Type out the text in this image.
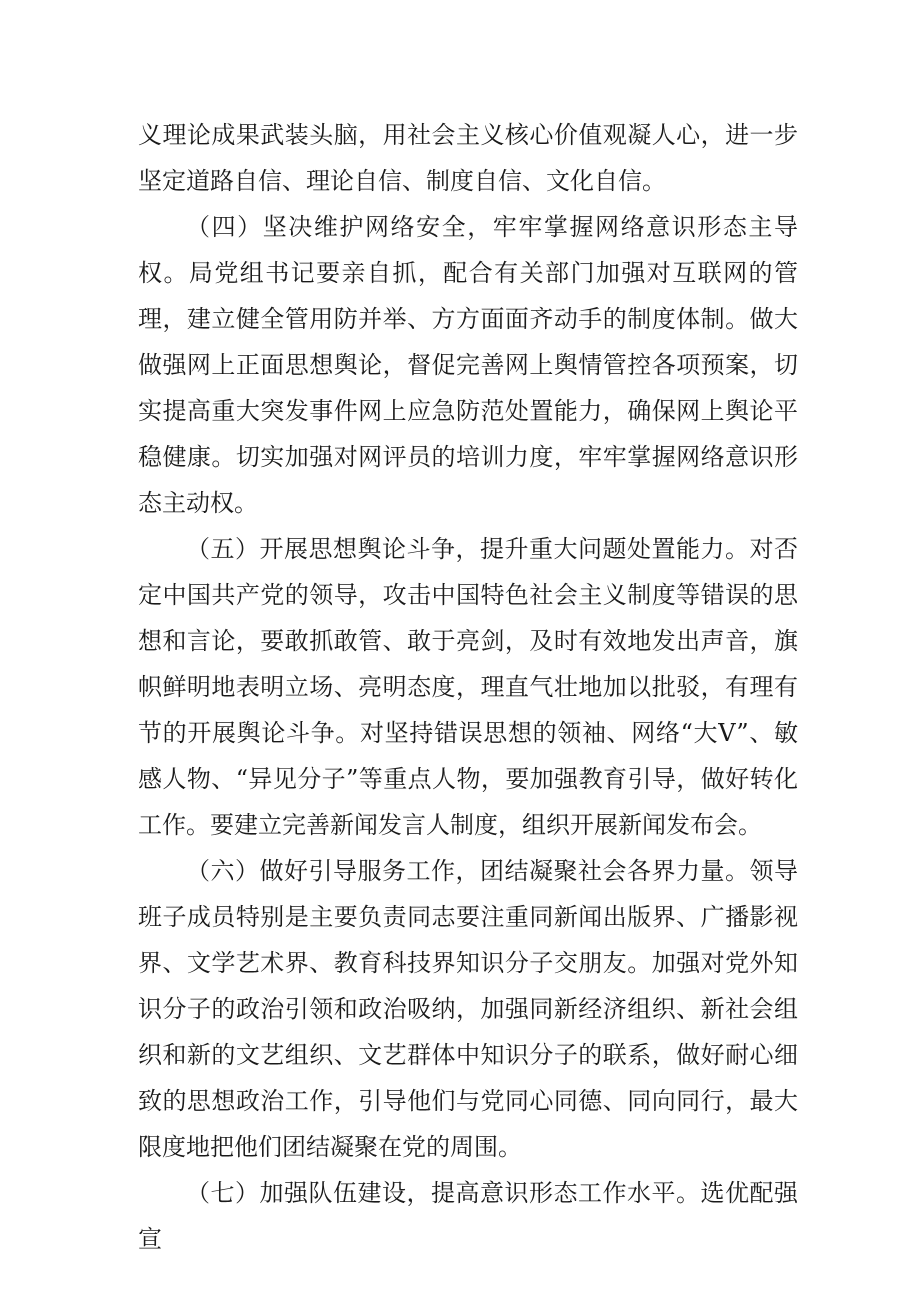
义理论成果武装头脑，用社会主义核心价值观凝人心，进一步坚定道路自信、理论自信、制度自信、文化自信。

（四）坚决维护网络安全，牢牢掌握网络意识形态主导权。局党组书记要亲自抓，配合有关部门加强对互联网的管理，建立健全管用防并举、方方面面齐动手的制度体制。做大做强网上正面思想舆论，督促完善网上舆情管控各项预案，切实提高重大突发事件网上应急防范处置能力，确保网上舆论平稳健康。切实加强对网评员的培训力度，牢牢掌握网络意识形态主动权。

（五）开展思想舆论斗争，提升重大问题处置能力。对否定中国共产党的领导，攻击中国特色社会主义制度等错误的思想和言论，要敢抓敢管、敢于亮剑，及时有效地发出声音，旗帜鲜明地表明立场、亮明态度，理直气壮地加以批驳，有理有节的开展舆论斗争。对坚持错误思想的领袖、网络“大V”、敏感人物、“异见分子”等重点人物，要加强教育引导，做好转化工作。要建立完善新闻发言人制度，组织开展新闻发布会。

（六）做好引导服务工作，团结凝聚社会各界力量。领导班子成员特别是主要负责同志要注重同新闻出版界、广播影视界、文学艺术界、教育科技界知识分子交朋友。加强对党外知识分子的政治引领和政治吸纳，加强同新经济组织、新社会组织和新的文艺组织、文艺群体中知识分子的联系，做好耐心细致的思想政治工作，引导他们与党同心同德、同向同行，最大限度地把他们团结凝聚在党的周围。

（七）加强队伍建设，提高意识形态工作水平。选优配强宣
